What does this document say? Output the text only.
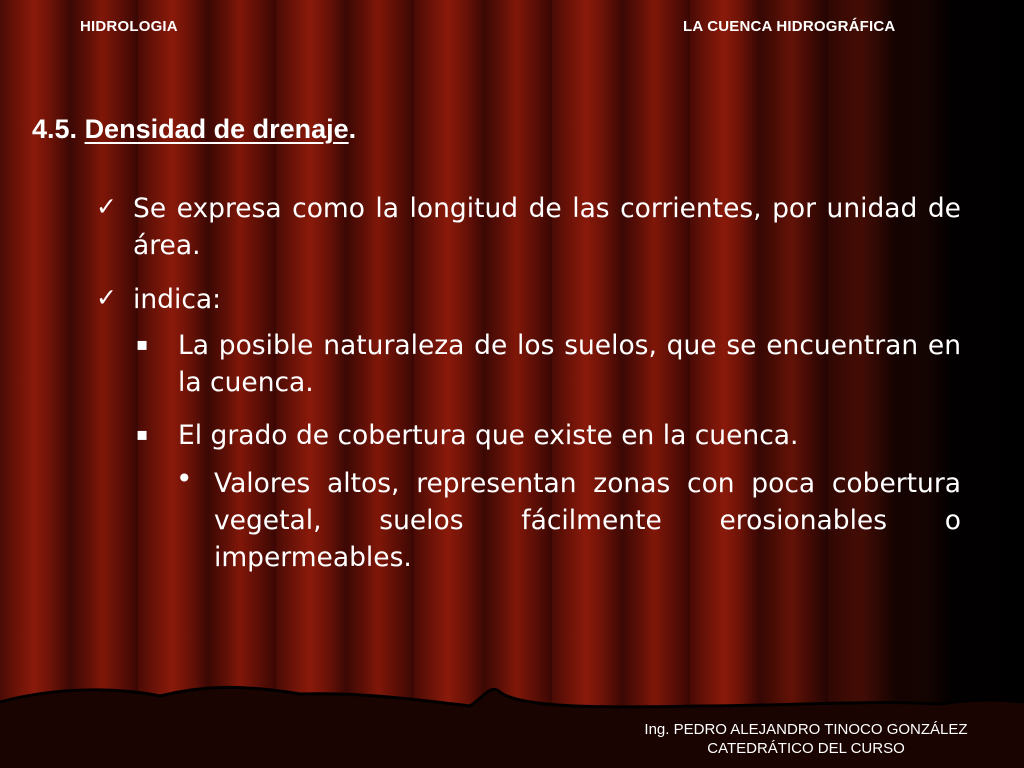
HIDROLOGIA	LA CUENCA HIDROGRÁFICA
4.5. Densidad de drenaje.
✓ Se expresa como la longitud de las corrientes, por unidad de área.
✓ indica:
▪ La posible naturaleza de los suelos, que se encuentran en la cuenca.
▪ El grado de cobertura que existe en la cuenca.
• Valores altos, representan zonas con poca cobertura vegetal, suelos fácilmente erosionables o impermeables.
Ing. PEDRO ALEJANDRO TINOCO GONZÁLEZ
CATEDRÁTICO DEL CURSO
